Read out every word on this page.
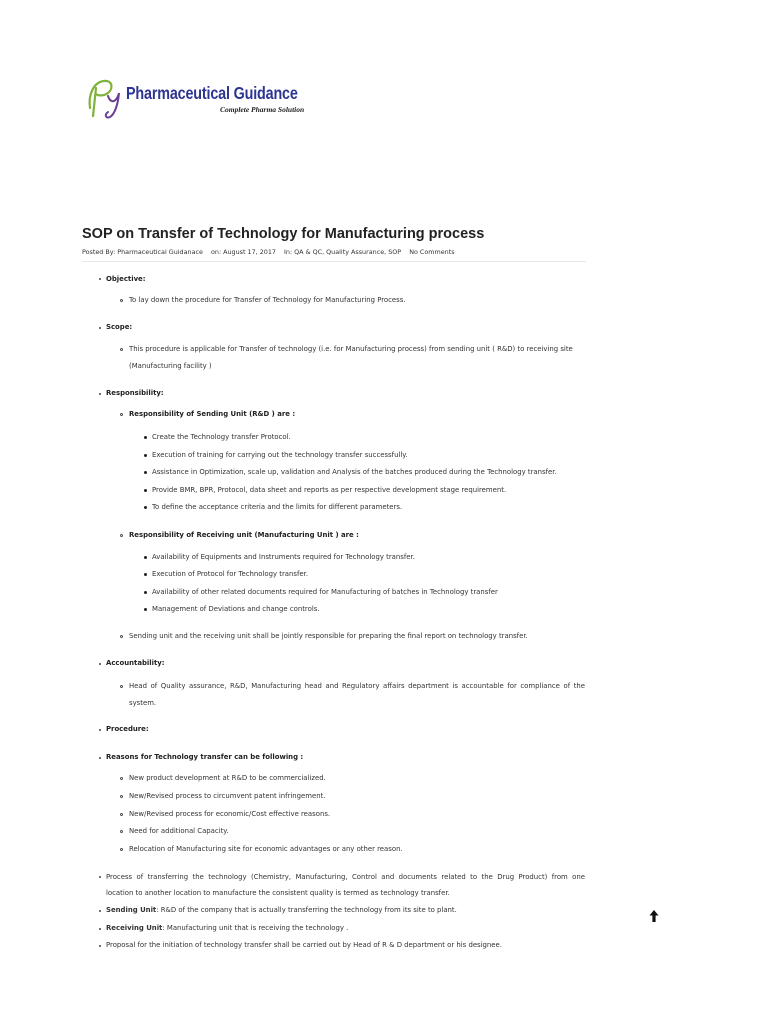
Pharmaceutical Guidance
Complete Pharma Solution
SOP on Transfer of Technology for Manufacturing process
Posted By: Pharmaceutical Guidanace on: August 17, 2017 In: QA & QC, Quality Assurance, SOP No Comments
Objective:
To lay down the procedure for Transfer of Technology for Manufacturing Process.
Scope:
This procedure is applicable for Transfer of technology (i.e. for Manufacturing process) from sending unit ( R&D) to receiving site
(Manufacturing facility )
Responsibility:
Responsibility of Sending Unit (R&D ) are :
Create the Technology transfer Protocol.
Execution of training for carrying out the technology transfer successfully.
Assistance in Optimization, scale up, validation and Analysis of the batches produced during the Technology transfer.
Provide BMR, BPR, Protocol, data sheet and reports as per respective development stage requirement.
To define the acceptance criteria and the limits for different parameters.
Responsibility of Receiving unit (Manufacturing Unit ) are :
Availability of Equipments and Instruments required for Technology transfer.
Execution of Protocol for Technology transfer.
Availability of other related documents required for Manufacturing of batches in Technology transfer
Management of Deviations and change controls.
Sending unit and the receiving unit shall be jointly responsible for preparing the final report on technology transfer.
Accountability:
Head of Quality assurance, R&D, Manufacturing head and Regulatory affairs department is accountable for compliance of the
system.
Procedure:
Reasons for Technology transfer can be following :
New product development at R&D to be commercialized.
New/Revised process to circumvent patent infringement.
New/Revised process for economic/Cost effective reasons.
Need for additional Capacity.
Relocation of Manufacturing site for economic advantages or any other reason.
Process of transferring the technology (Chemistry, Manufacturing, Control and documents related to the Drug Product) from one
location to another location to manufacture the consistent quality is termed as technology transfer.
Sending Unit: R&D of the company that is actually transferring the technology from its site to plant.
Receiving Unit: Manufacturing unit that is receiving the technology .
Proposal for the initiation of technology transfer shall be carried out by Head of R & D department or his designee.
